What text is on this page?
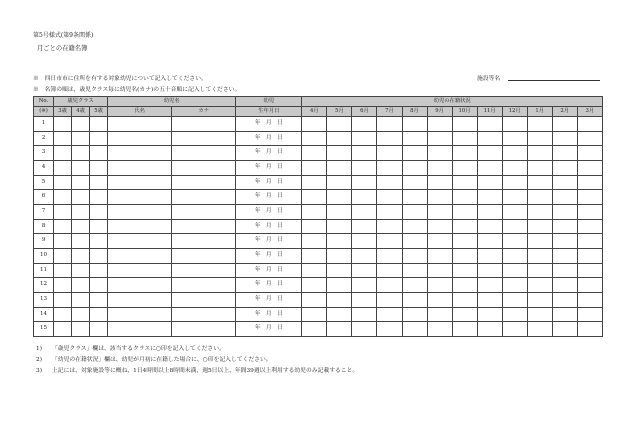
第5号様式(第9条関係)
月ごとの在籍名簿
※　四日市市に住所を有する対象幼児について記入してください。
※　名簿の順は，歳児クラス毎に幼児名(カナ)の五十音順に記入してください。
施設等名
No.	歳児クラス			幼児名		幼児	幼児の在籍状況											
(※)	3歳	4歳	5歳	氏名	カナ	生年月日	4月	5月	6月	7月	8月	9月	10月	11月	12月	1月	2月	3月
1						年　月　日												
2						年　月　日												
3						年　月　日												
4						年　月　日												
5						年　月　日												
6						年　月　日												
7						年　月　日												
8						年　月　日												
9						年　月　日												
10						年　月　日												
11						年　月　日												
12						年　月　日												
13						年　月　日												
14						年　月　日												
15						年　月　日												
1) 「歳児クラス」欄は、該当するクラスに○印を記入してください。
2) 「幼児の在籍状況」欄は、幼児が月初に在籍した場合に、○印を記入してください。
3) 上記には、対象施設等に概ね、1日4時間以上8時間未満、週5日以上、年間39週以上利用する幼児のみ記載すること。
